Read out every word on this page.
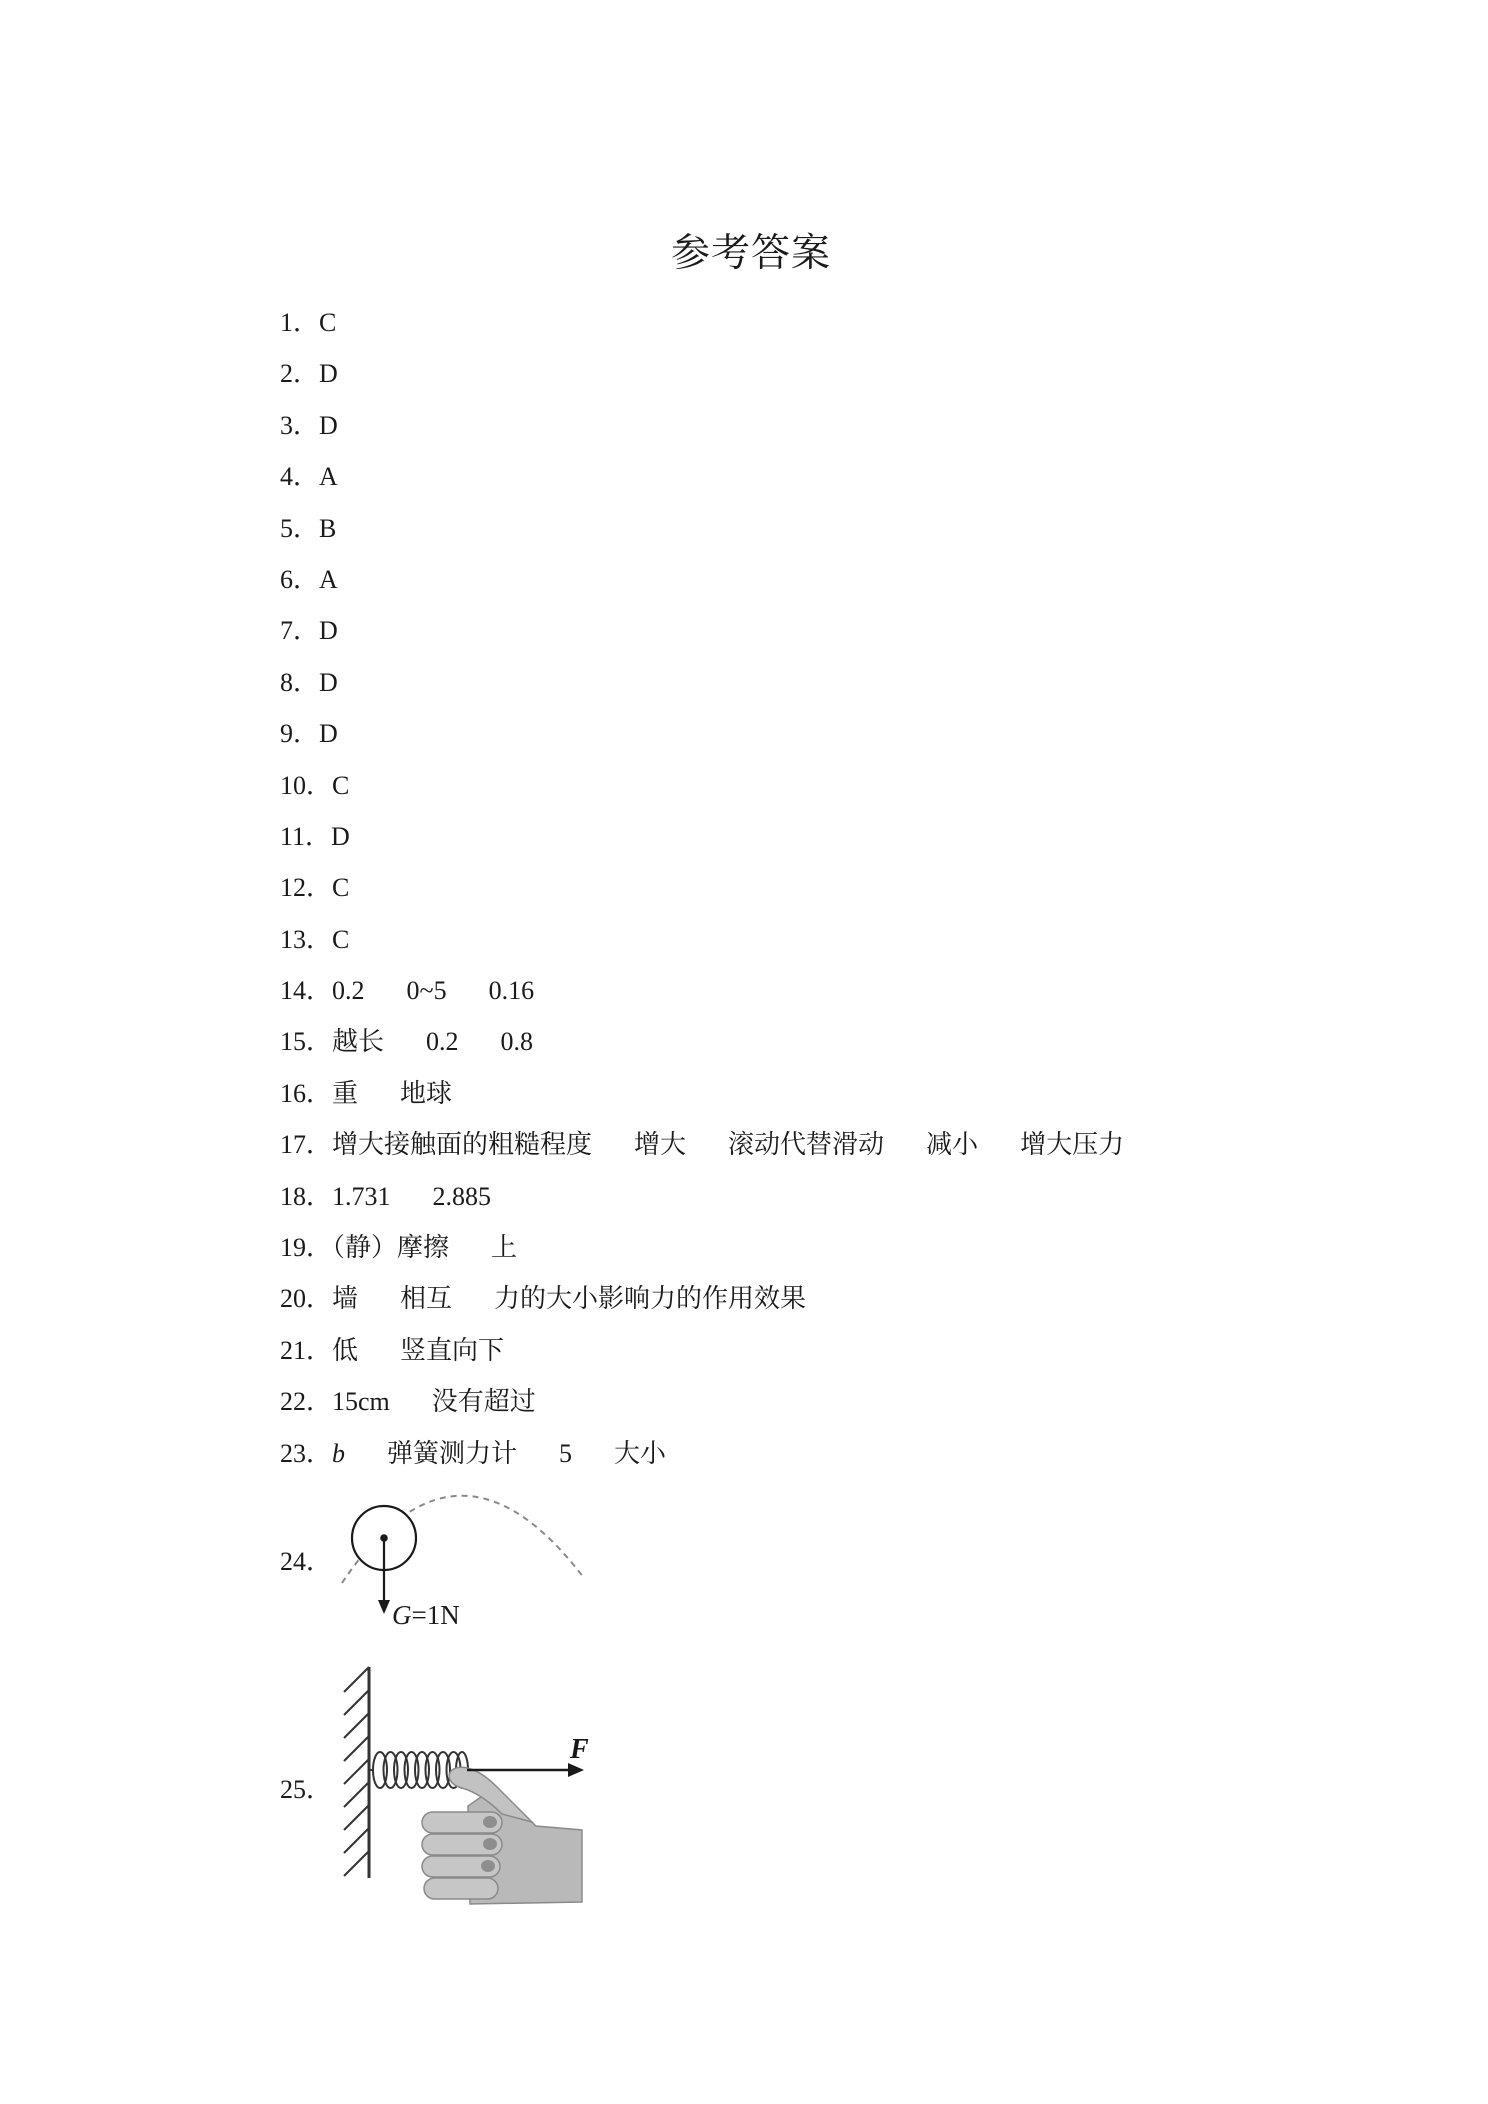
参考答案
1．C
2．D
3．D
4．A
5．B
6．A
7．D
8．D
9．D
10．C
11．D
12．C
13．C
14．0.2 0~5 0.16
15．越长 0.2 0.8
16．重 地球
17．增大接触面的粗糙程度 增大 滚动代替滑动 减小 增大压力
18．1.731 2.885
19．（静）摩擦 上
20．墙 相互 力的大小影响力的作用效果
21．低 竖直向下
22．15cm 没有超过
23．b 弹簧测力计 5 大小
24．
G=1N
25．
F
